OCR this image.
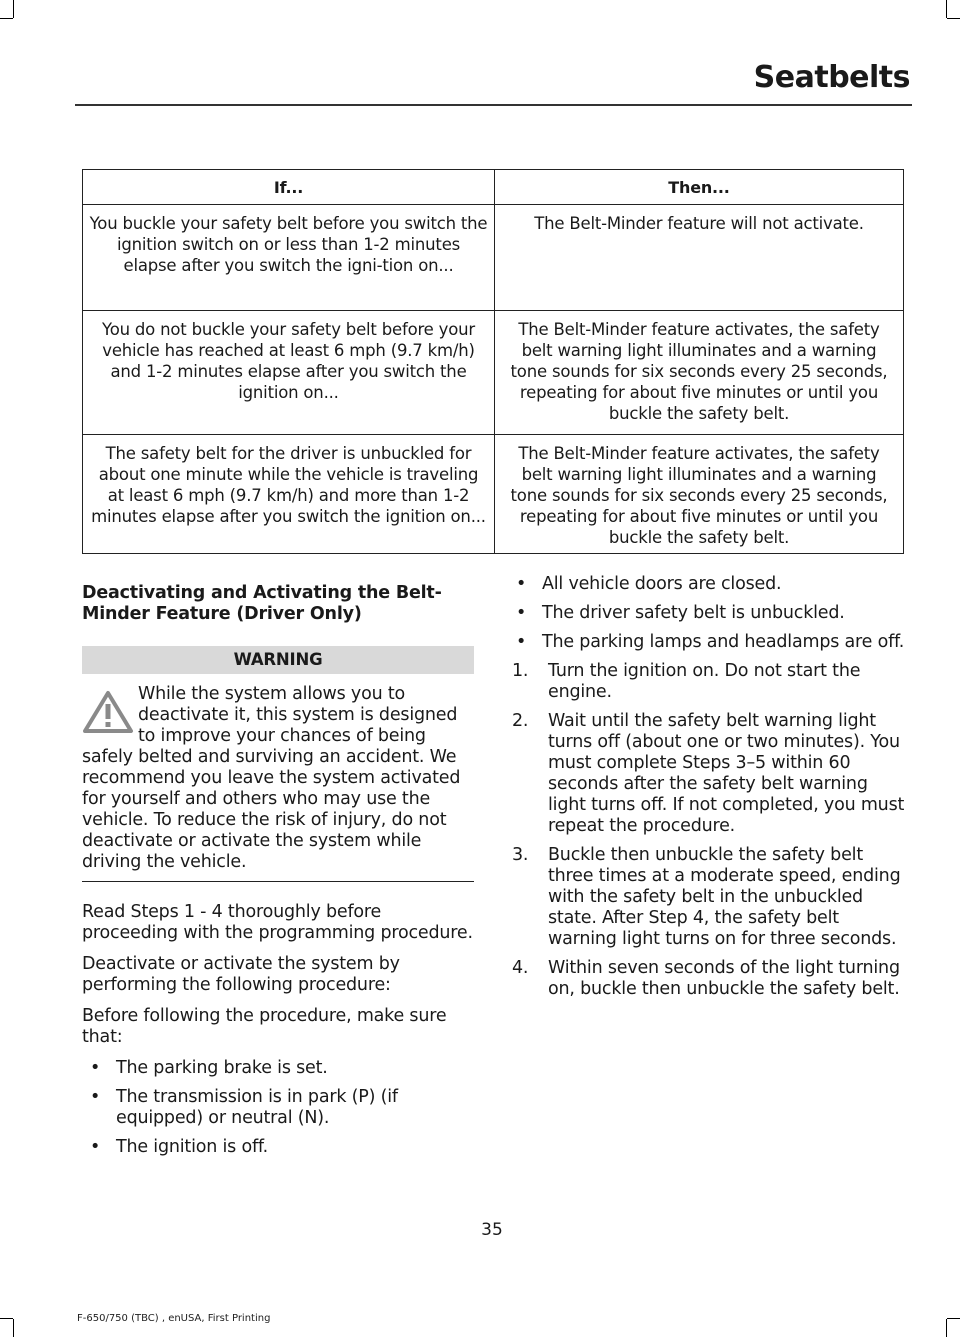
Seatbelts
If...	Then...

You buckle your safety belt before you switch the ignition switch on or less than 1-2 minutes elapse after you switch the igni-tion on...	The Belt-Minder feature will not activate.

You do not buckle your safety belt before your vehicle has reached at least 6 mph (9.7 km/h) and 1-2 minutes elapse after you switch the ignition on...	The Belt-Minder feature activates, the safety belt warning light illuminates and a warning tone sounds for six seconds every 25 seconds, repeating for about five minutes or until you buckle the safety belt.

The safety belt for the driver is unbuckled for about one minute while the vehicle is traveling at least 6 mph (9.7 km/h) and more than 1-2 minutes elapse after you switch the ignition on...	The Belt-Minder feature activates, the safety belt warning light illuminates and a warning tone sounds for six seconds every 25 seconds, repeating for about five minutes or until you buckle the safety belt.
Deactivating and Activating the Belt-Minder Feature (Driver Only)
WARNING
While the system allows you to deactivate it, this system is designed to improve your chances of being safely belted and surviving an accident. We recommend you leave the system activated for yourself and others who may use the vehicle. To reduce the risk of injury, do not deactivate or activate the system while driving the vehicle.

Read Steps 1 - 4 thoroughly before proceeding with the programming procedure.

Deactivate or activate the system by performing the following procedure:

Before following the procedure, make sure that:

• The parking brake is set.
• The transmission is in park (P) (if equipped) or neutral (N).
• The ignition is off.
• All vehicle doors are closed.
• The driver safety belt is unbuckled.
• The parking lamps and headlamps are off.
1. Turn the ignition on. Do not start the engine.
2. Wait until the safety belt warning light turns off (about one or two minutes). You must complete Steps 3–5 within 60 seconds after the safety belt warning light turns off. If not completed, you must repeat the procedure.
3. Buckle then unbuckle the safety belt three times at a moderate speed, ending with the safety belt in the unbuckled state. After Step 4, the safety belt warning light turns on for three seconds.
4. Within seven seconds of the light turning on, buckle then unbuckle the safety belt.
35
F-650/750 (TBC) , enUSA, First Printing
